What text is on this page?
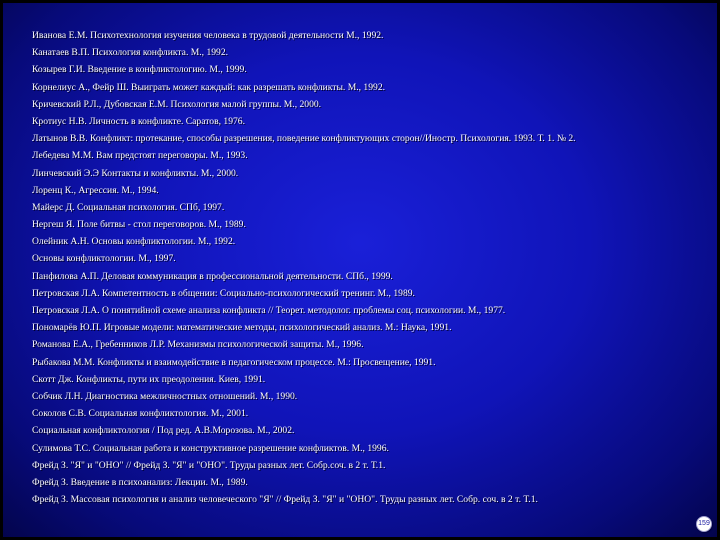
Иванова Е.М. Психотехнология изучения человека в трудовой деятельности М., 1992.
Канатаев В.П. Психология конфликта. М., 1992.
Козырев Г.И. Введение в конфликтологию. М., 1999.
Корнелиус А., Фейр Ш. Выиграть может каждый: как разрешать конфликты. М., 1992.
Кричевский Р.Л., Дубовская Е.М. Психология малой группы. М., 2000.
Кротиус Н.В. Личность в конфликте. Саратов, 1976.
Латынов В.В. Конфликт: протекание, способы разрешения, поведение конфликтующих сторон//Иностр. Психология. 1993. Т. 1. № 2.
Лебедева М.М. Вам предстоят переговоры. М., 1993.
Линчевский Э.Э Контакты и конфликты. М., 2000.
Лоренц К., Агрессия. М., 1994.
Майерс Д. Социальная психология. СПб, 1997.
Нергеш Я. Поле битвы - стол переговоров. М., 1989.
Олейник А.Н. Основы конфликтологии. М., 1992.
Основы конфликтологии. М., 1997.
Панфилова А.П. Деловая коммуникация в профессиональной деятельности. СПб., 1999.
Петровская Л.А. Компетентность в общении: Социально-психологический тренинг. М., 1989.
Петровская Л.А. О понятийной схеме анализа конфликта // Теорет. методолог. проблемы соц. психологии. М., 1977.
Пономарёв Ю.П. Игровые модели: математические методы, психологический анализ. М.: Наука, 1991.
Романова Е.А., Гребенников Л.Р. Механизмы психологической защиты. М., 1996.
Рыбакова М.М. Конфликты и взаимодействие в педагогическом процессе. М.: Просвещение, 1991.
Скотт Дж. Конфликты, пути их преодоления. Киев, 1991.
Собчик Л.Н. Диагностика межличностных отношений. М., 1990.
Соколов С.В. Социальная конфликтология. М., 2001.
Социальная конфликтология / Под ред. А.В.Морозова. М., 2002.
Сулимова Т.С. Социальная работа и конструктивное разрешение конфликтов. М., 1996.
Фрейд З. "Я" и "ОНО" // Фрейд З. "Я" и "ОНО". Труды разных лет. Собр.соч. в 2 т. Т.1.
Фрейд З. Введение в психоанализ: Лекции. М., 1989.
Фрейд З. Массовая психология и анализ человеческого "Я" // Фрейд З. "Я" и "ОНО". Труды разных лет. Собр. соч. в 2 т. Т.1.
159
